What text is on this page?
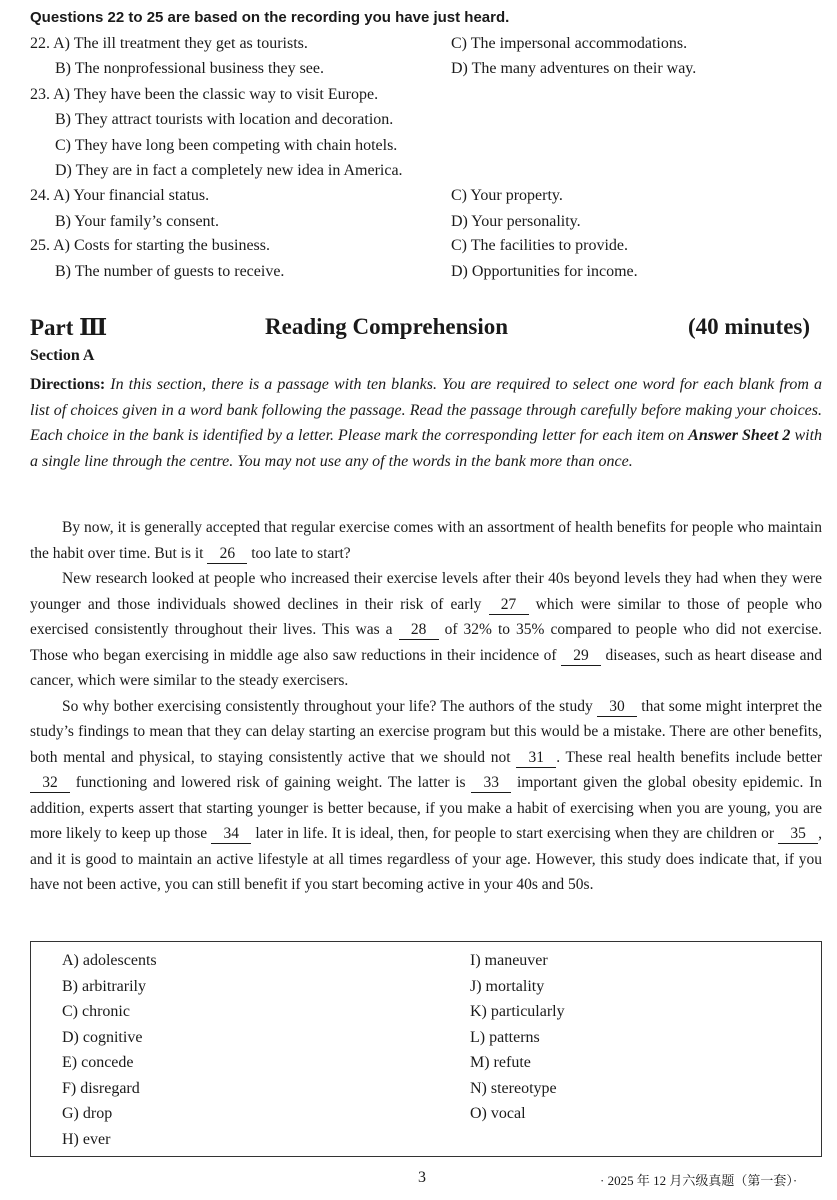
Questions 22 to 25 are based on the recording you have just heard.
22. A) The ill treatment they get as tourists.
B) The nonprofessional business they see.
C) The impersonal accommodations.
D) The many adventures on their way.
23. A) They have been the classic way to visit Europe.
B) They attract tourists with location and decoration.
C) They have long been competing with chain hotels.
D) They are in fact a completely new idea in America.
24. A) Your financial status.
B) Your family’s consent.
C) Your property.
D) Your personality.
25. A) Costs for starting the business.
B) The number of guests to receive.
C) The facilities to provide.
D) Opportunities for income.
Part Ⅲ	Reading Comprehension	(40 minutes)
Section A
Directions: In this section, there is a passage with ten blanks. You are required to select one word for each blank from a list of choices given in a word bank following the passage. Read the passage through carefully before making your choices. Each choice in the bank is identified by a letter. Please mark the corresponding letter for each item on Answer Sheet 2 with a single line through the centre. You may not use any of the words in the bank more than once.

By now, it is generally accepted that regular exercise comes with an assortment of health benefits for people who maintain the habit over time. But is it 26 too late to start?

New research looked at people who increased their exercise levels after their 40s beyond levels they had when they were younger and those individuals showed declines in their risk of early 27 which were similar to those of people who exercised consistently throughout their lives. This was a 28 of 32% to 35% compared to people who did not exercise. Those who began exercising in middle age also saw reductions in their incidence of 29 diseases, such as heart disease and cancer, which were similar to the steady exercisers.

So why bother exercising consistently throughout your life? The authors of the study 30 that some might interpret the study’s findings to mean that they can delay starting an exercise program but this would be a mistake. There are other benefits, both mental and physical, to staying consistently active that we should not 31 . These real health benefits include better 32 functioning and lowered risk of gaining weight. The latter is 33 important given the global obesity epidemic. In addition, experts assert that starting younger is better because, if you make a habit of exercising when you are young, you are more likely to keep up those 34 later in life. It is ideal, then, for people to start exercising when they are children or 35 , and it is good to maintain an active lifestyle at all times regardless of your age. However, this study does indicate that, if you have not been active, you can still benefit if you start becoming active in your 40s and 50s.

A) adolescents
B) arbitrarily
C) chronic
D) cognitive
E) concede
F) disregard
G) drop
H) ever
I) maneuver
J) mortality
K) particularly
L) patterns
M) refute
N) stereotype
O) vocal
3	· 2025 年 12 月六级真题（第一套）·
